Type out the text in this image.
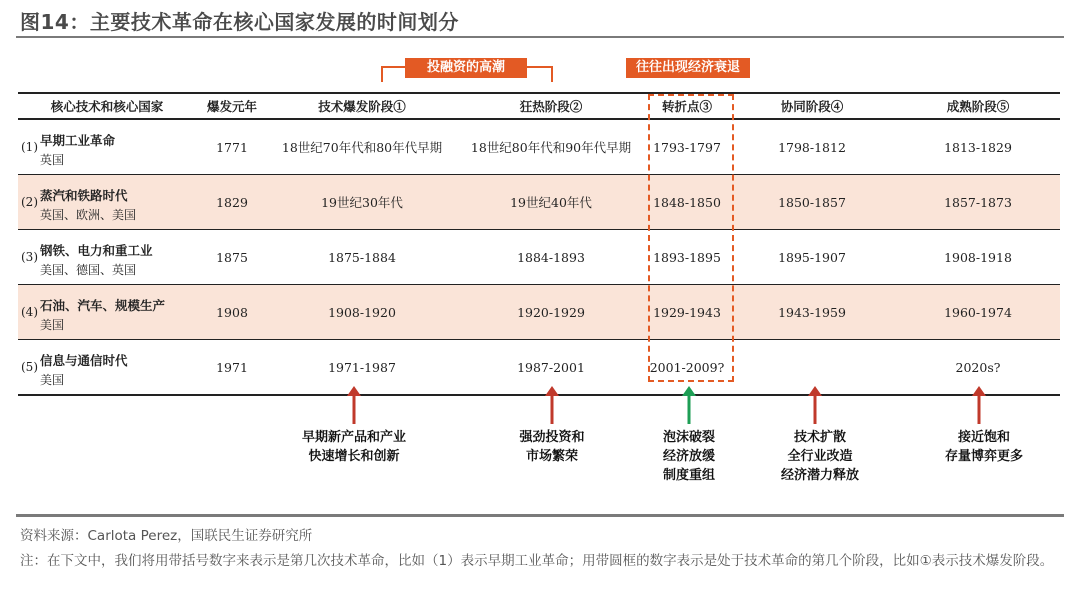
图14：主要技术革命在核心国家发展的时间划分
投融资的高潮	往往出现经济衰退
核心技术和核心国家	爆发元年	技术爆发阶段①	狂热阶段②	转折点③	协同阶段④	成熟阶段⑤

(1) 早期工业革命
英国	1771	18世纪70年代和80年代早期	18世纪80年代和90年代早期	1793-1797	1798-1812	1813-1829

(2) 蒸汽和铁路时代
英国、欧洲、美国	1829	19世纪30年代	19世纪40年代	1848-1850	1850-1857	1857-1873

(3) 钢铁、电力和重工业
美国、德国、英国	1875	1875-1884	1884-1893	1893-1895	1895-1907	1908-1918

(4) 石油、汽车、规模生产
美国	1908	1908-1920	1920-1929	1929-1943	1943-1959	1960-1974

(5) 信息与通信时代
美国	1971	1971-1987	1987-2001	2001-2009?		2020s?
早期新产品和产业
快速增长和创新
强劲投资和
市场繁荣
泡沫破裂
经济放缓
制度重组
技术扩散
全行业改造
经济潜力释放
接近饱和
存量博弈更多
资料来源：Carlota Perez，国联民生证券研究所
注：在下文中，我们将用带括号数字来表示是第几次技术革命，比如（1）表示早期工业革命；用带圆框的数字表示是处于技术革命的第几个阶段，比如①表示技术爆发阶段。
